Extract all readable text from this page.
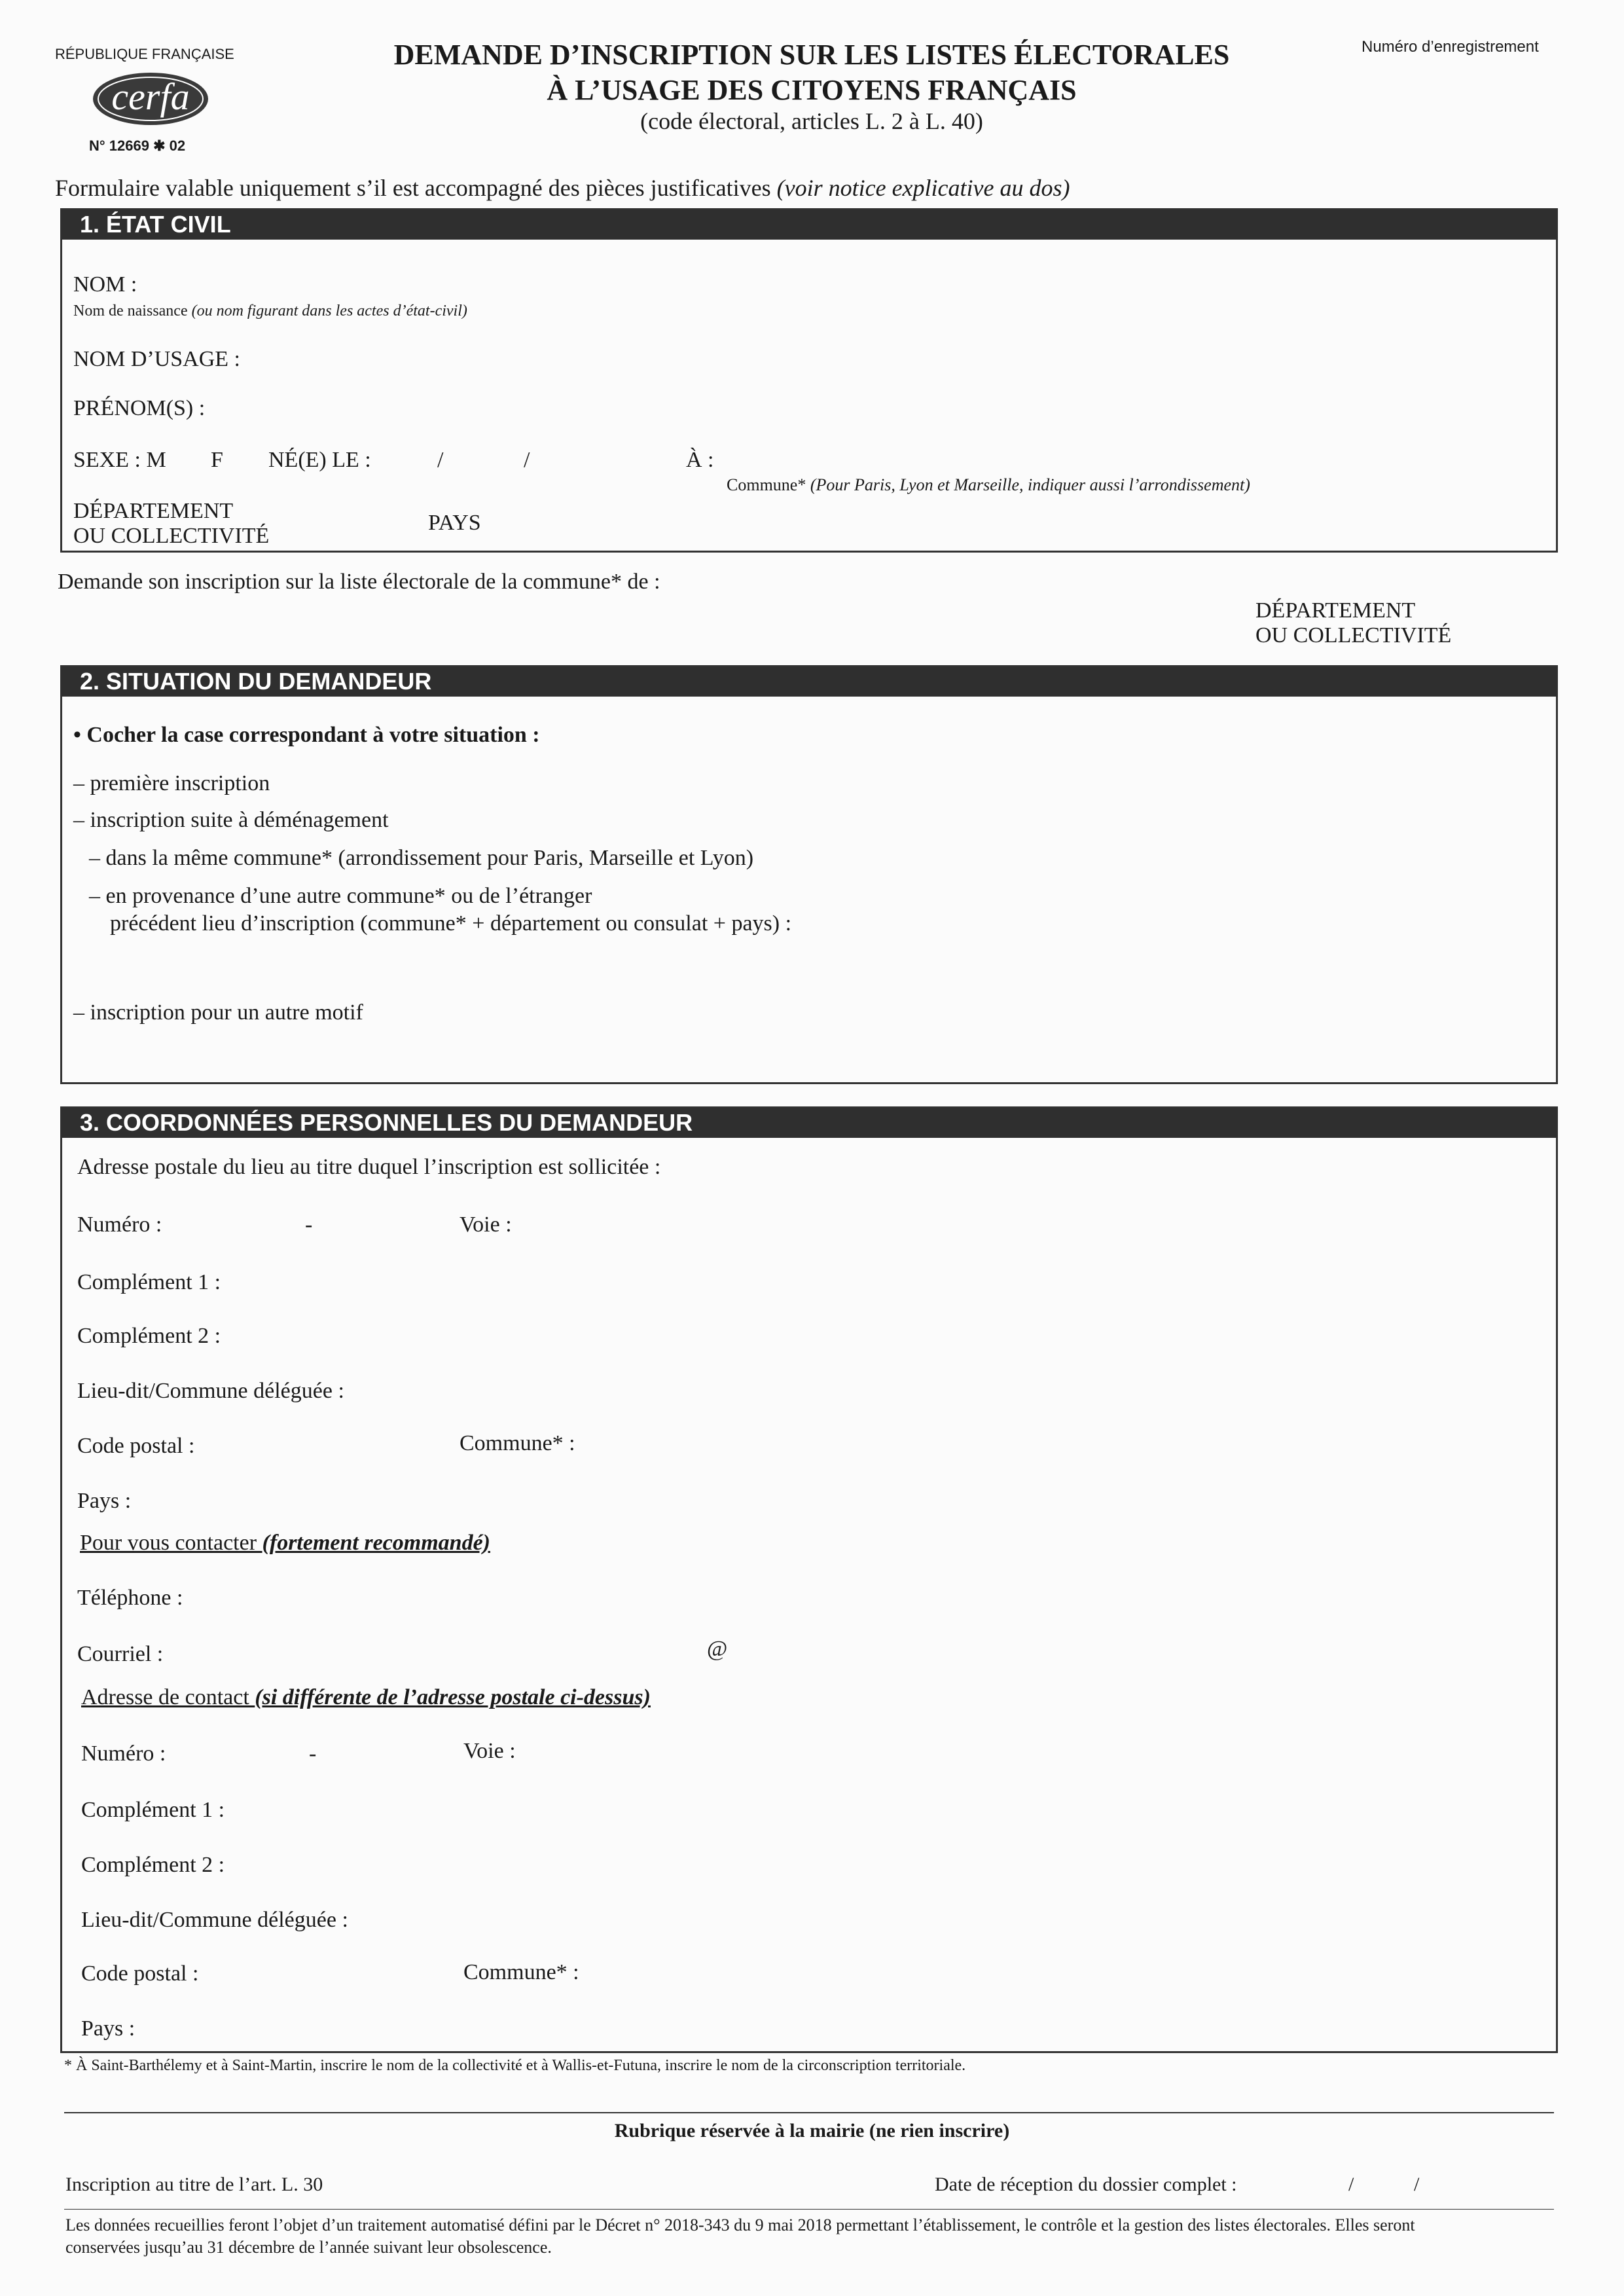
RÉPUBLIQUE FRANÇAISE
cerfa
N° 12669 ✱ 02
DEMANDE D’INSCRIPTION SUR LES LISTES ÉLECTORALES
À L’USAGE DES CITOYENS FRANÇAIS
(code électoral, articles L. 2 à L. 40)
Numéro d’enregistrement
Formulaire valable uniquement s’il est accompagné des pièces justificatives (voir notice explicative au dos)
1. ÉTAT CIVIL
NOM :
Nom de naissance (ou nom figurant dans les actes d’état-civil)
NOM D’USAGE :
PRÉNOM(S) :
SEXE : M F NÉ(E) LE :	/	/	À :
Commune* (Pour Paris, Lyon et Marseille, indiquer aussi l’arrondissement)
DÉPARTEMENT
OU COLLECTIVITÉ
PAYS
Demande son inscription sur la liste électorale de la commune* de :
DÉPARTEMENT
OU COLLECTIVITÉ
2. SITUATION DU DEMANDEUR
• Cocher la case correspondant à votre situation :
– première inscription
– inscription suite à déménagement
– dans la même commune* (arrondissement pour Paris, Marseille et Lyon)
– en provenance d’une autre commune* ou de l’étranger
précédent lieu d’inscription (commune* + département ou consulat + pays) :
– inscription pour un autre motif
3. COORDONNÉES PERSONNELLES DU DEMANDEUR
Adresse postale du lieu au titre duquel l’inscription est sollicitée :
Numéro :	-	Voie :
Complément 1 :
Complément 2 :
Lieu-dit/Commune déléguée :
Code postal :	Commune* :
Pays :
Pour vous contacter (fortement recommandé)
Téléphone :
Courriel :	@
Adresse de contact (si différente de l’adresse postale ci-dessus)
Numéro :	-	Voie :
Complément 1 :
Complément 2 :
Lieu-dit/Commune déléguée :
Code postal :	Commune* :
Pays :
* À Saint-Barthélemy et à Saint-Martin, inscrire le nom de la collectivité et à Wallis-et-Futuna, inscrire le nom de la circonscription territoriale.
Rubrique réservée à la mairie (ne rien inscrire)
Inscription au titre de l’art. L. 30	Date de réception du dossier complet :	/	/
Les données recueillies feront l’objet d’un traitement automatisé défini par le Décret n° 2018-343 du 9 mai 2018 permettant l’établissement, le contrôle et la gestion des listes électorales. Elles seront
conservées jusqu’au 31 décembre de l’année suivant leur obsolescence.
